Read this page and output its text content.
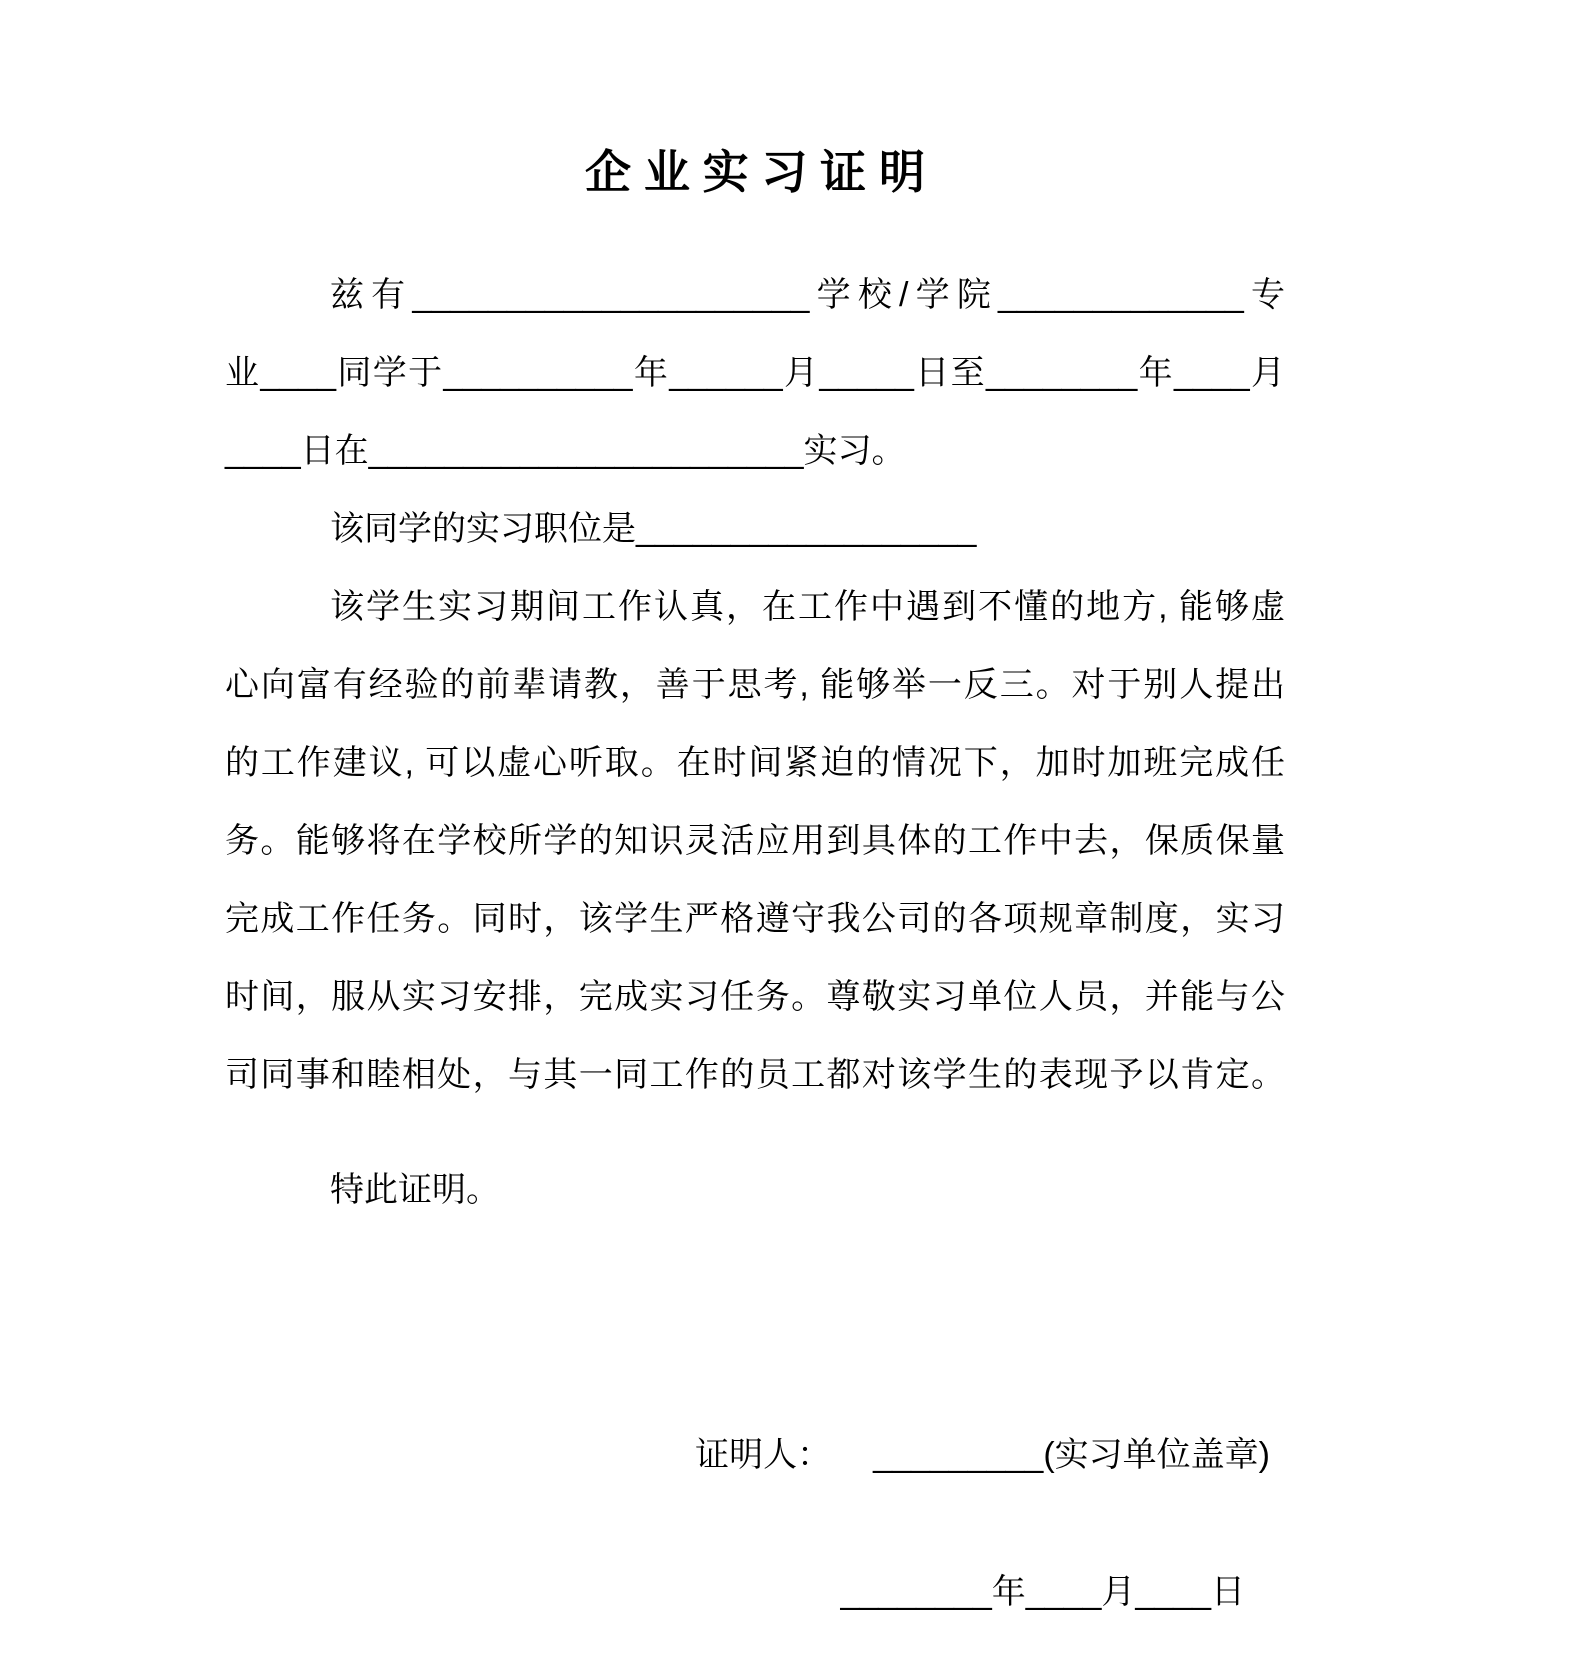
企 业 实 习 证 明
兹有_____________________学校/学院_____________专
业____同学于__________年______月_____日至________年____月
____日在_______________________实习。
该同学的实习职位是__________________
该学生实习期间工作认真，在工作中遇到不懂的地方, 能够虚
心向富有经验的前辈请教，善于思考, 能够举一反三。对于别人提出
的工作建议, 可以虚心听取。在时间紧迫的情况下，加时加班完成任
务。能够将在学校所学的知识灵活应用到具体的工作中去，保质保量
完成工作任务。同时，该学生严格遵守我公司的各项规章制度，实习
时间，服从实习安排，完成实习任务。尊敬实习单位人员，并能与公
司同事和睦相处，与其一同工作的员工都对该学生的表现予以肯定。
特此证明。
证明人： _________(实习单位盖章)
________年____月____日
